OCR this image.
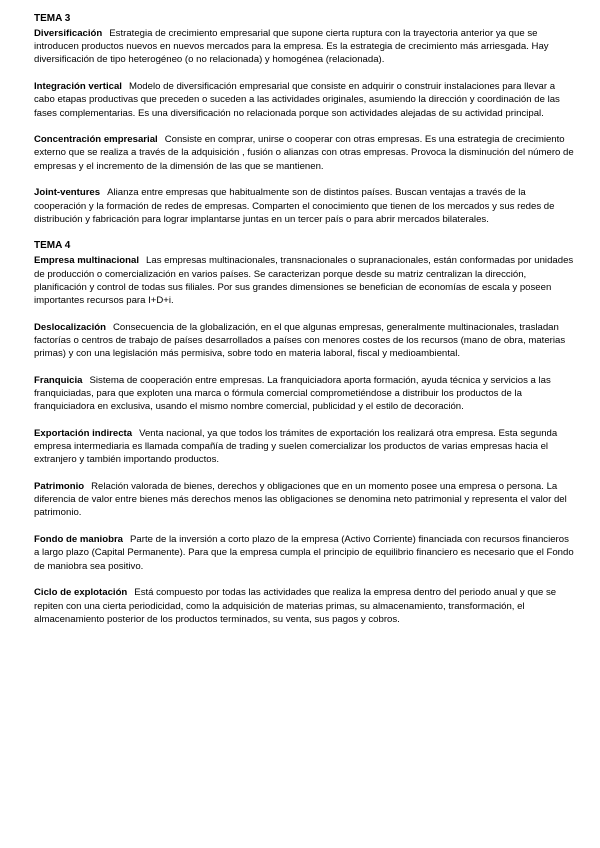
TEMA 3

Diversificación Estrategia de crecimiento empresarial que supone cierta ruptura con la trayectoria anterior ya que se introducen productos nuevos en nuevos mercados para la empresa. Es la estrategia de crecimiento más arriesgada. Hay diversificación de tipo heterogéneo (o no relacionada) y homogénea (relacionada).

Integración vertical Modelo de diversificación empresarial que consiste en adquirir o construir instalaciones para llevar a cabo etapas productivas que preceden o suceden a las actividades originales, asumiendo la dirección y coordinación de las fases complementarias. Es una diversificación no relacionada porque son actividades alejadas de su actividad principal.

Concentración empresarial Consiste en comprar, unirse o cooperar con otras empresas. Es una estrategia de crecimiento externo que se realiza a través de la adquisición , fusión o alianzas con otras empresas. Provoca la disminución del número de empresas y el incremento de la dimensión de las que se mantienen.

Joint-ventures Alianza entre empresas que habitualmente son de distintos países. Buscan ventajas a través de la cooperación y la formación de redes de empresas. Comparten el conocimiento que tienen de los mercados y sus redes de distribución y fabricación para lograr implantarse juntas en un tercer país o para abrir mercados bilaterales.

TEMA 4

Empresa multinacional Las empresas multinacionales, transnacionales o supranacionales, están conformadas por unidades de producción o comercialización en varios países. Se caracterizan porque desde su matriz centralizan la dirección, planificación y control de todas sus filiales. Por sus grandes dimensiones se benefician de economías de escala y poseen importantes recursos para I+D+i.

Deslocalización Consecuencia de la globalización, en el que algunas empresas, generalmente multinacionales, trasladan factorías o centros de trabajo de países desarrollados a países con menores costes de los recursos (mano de obra, materias primas) y con una legislación más permisiva, sobre todo en materia laboral, fiscal y medioambiental.

Franquicia Sistema de cooperación entre empresas. La franquiciadora aporta formación, ayuda técnica y servicios a las franquiciadas, para que exploten una marca o fórmula comercial comprometiéndose a distribuir los productos de la franquiciadora en exclusiva, usando el mismo nombre comercial, publicidad y el estilo de decoración.

Exportación indirecta Venta nacional, ya que todos los trámites de exportación los realizará otra empresa. Esta segunda empresa intermediaria es llamada compañía de trading y suelen comercializar los productos de varias empresas hacia el extranjero y también importando productos.

Patrimonio Relación valorada de bienes, derechos y obligaciones que en un momento posee una empresa o persona. La diferencia de valor entre bienes más derechos menos las obligaciones se denomina neto patrimonial y representa el valor del patrimonio.

Fondo de maniobra Parte de la inversión a corto plazo de la empresa (Activo Corriente) financiada con recursos financieros a largo plazo (Capital Permanente). Para que la empresa cumpla el principio de equilibrio financiero es necesario que el Fondo de maniobra sea positivo.

Ciclo de explotación Está compuesto por todas las actividades que realiza la empresa dentro del periodo anual y que se repiten con una cierta periodicidad, como la adquisición de materias primas, su almacenamiento, transformación, el almacenamiento posterior de los productos terminados, su venta, sus pagos y cobros.
